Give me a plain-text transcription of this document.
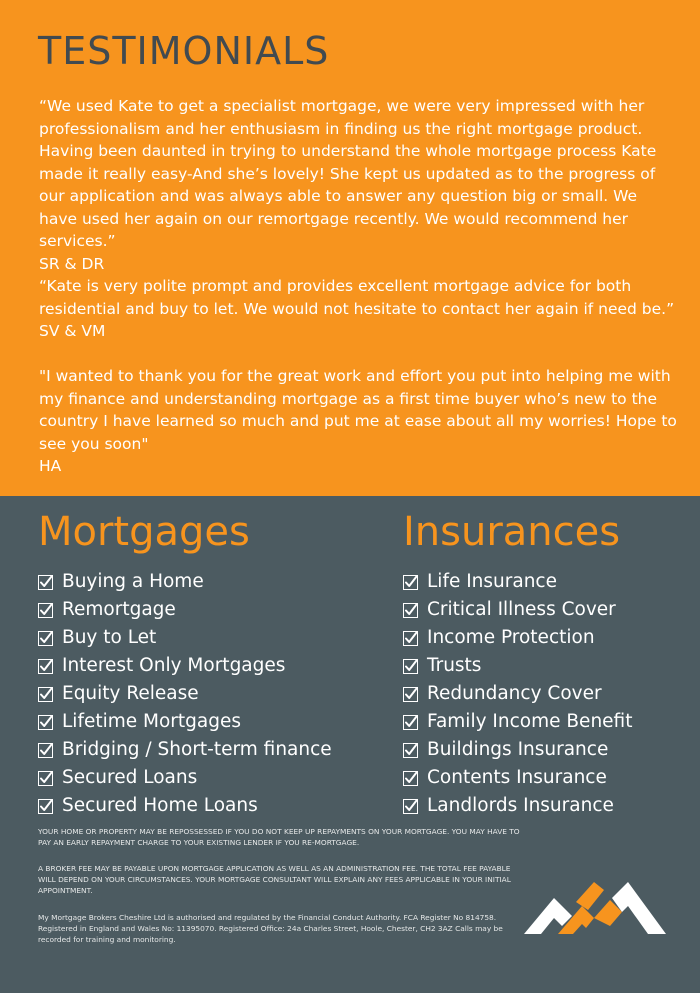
TESTIMONIALS

“We used Kate to get a specialist mortgage, we were very impressed with her professionalism and her enthusiasm in finding us the right mortgage product. Having been daunted in trying to understand the whole mortgage process Kate made it really easy-And she’s lovely! She kept us updated as to the progress of our application and was always able to answer any question big or small. We have used her again on our remortgage recently. We would recommend her services.”

SR & DR

“Kate is very polite prompt and provides excellent mortgage advice for both residential and buy to let. We would not hesitate to contact her again if need be.”

SV & VM

"I wanted to thank you for the great work and effort you put into helping me with my finance and understanding mortgage as a first time buyer who’s new to the country I have learned so much and put me at ease about all my worries! Hope to see you soon"

HA

Mortgages
Buying a Home
Remortgage
Buy to Let
Interest Only Mortgages
Equity Release
Lifetime Mortgages
Bridging / Short-term finance
Secured Loans
Secured Home Loans
Insurances
Life Insurance
Critical Illness Cover
Income Protection
Trusts
Redundancy Cover
Family Income Benefit
Buildings Insurance
Contents Insurance
Landlords Insurance

YOUR HOME OR PROPERTY MAY BE REPOSSESSED IF YOU DO NOT KEEP UP REPAYMENTS ON YOUR MORTGAGE. YOU MAY HAVE TO PAY AN EARLY REPAYMENT CHARGE TO YOUR EXISTING LENDER IF YOU RE-MORTGAGE.

A BROKER FEE MAY BE PAYABLE UPON MORTGAGE APPLICATION AS WELL AS AN ADMINISTRATION FEE. THE TOTAL FEE PAYABLE WILL DEPEND ON YOUR CIRCUMSTANCES. YOUR MORTGAGE CONSULTANT WILL EXPLAIN ANY FEES APPLICABLE IN YOUR INITIAL APPOINTMENT.

My Mortgage Brokers Cheshire Ltd is authorised and regulated by the Financial Conduct Authority. FCA Register No 814758. Registered in England and Wales No: 11395070. Registered Office: 24a Charles Street, Hoole, Chester, CH2 3AZ Calls may be recorded for training and monitoring.
